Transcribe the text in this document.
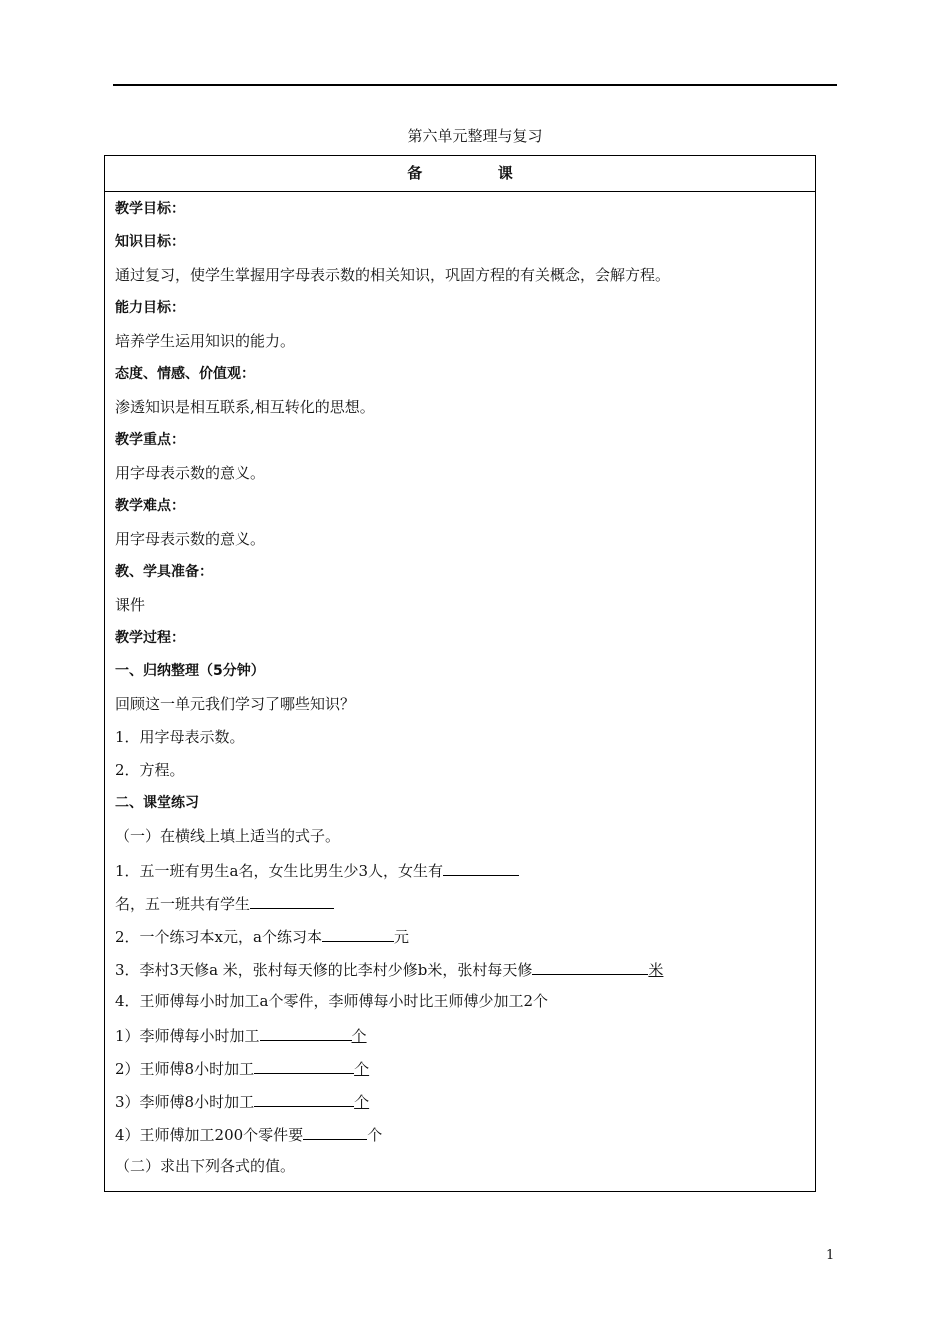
第六单元整理与复习
备	课
教学目标：
知识目标：
通过复习，使学生掌握用字母表示数的相关知识，巩固方程的有关概念，会解方程。
能力目标：
培养学生运用知识的能力。
态度、情感、价值观：
渗透知识是相互联系,相互转化的思想。
教学重点：
用字母表示数的意义。
教学难点：
用字母表示数的意义。
教、学具准备：
课件
教学过程：
一、归纳整理（5分钟）
回顾这一单元我们学习了哪些知识？
1．用字母表示数。
2．方程。
二、课堂练习
（一）在横线上填上适当的式子。
1．五一班有男生a名，女生比男生少3人，女生有
名，五一班共有学生
2．一个练习本x元，a个练习本	元
3．李村3天修a 米，张村每天修的比李村少修b米，张村每天修	米
4．王师傅每小时加工a个零件，李师傅每小时比王师傅少加工2个
1）李师傅每小时加工	个
2）王师傅8小时加工	个
3）李师傅8小时加工	个
4）王师傅加工200个零件要	个
（二）求出下列各式的值。
1
